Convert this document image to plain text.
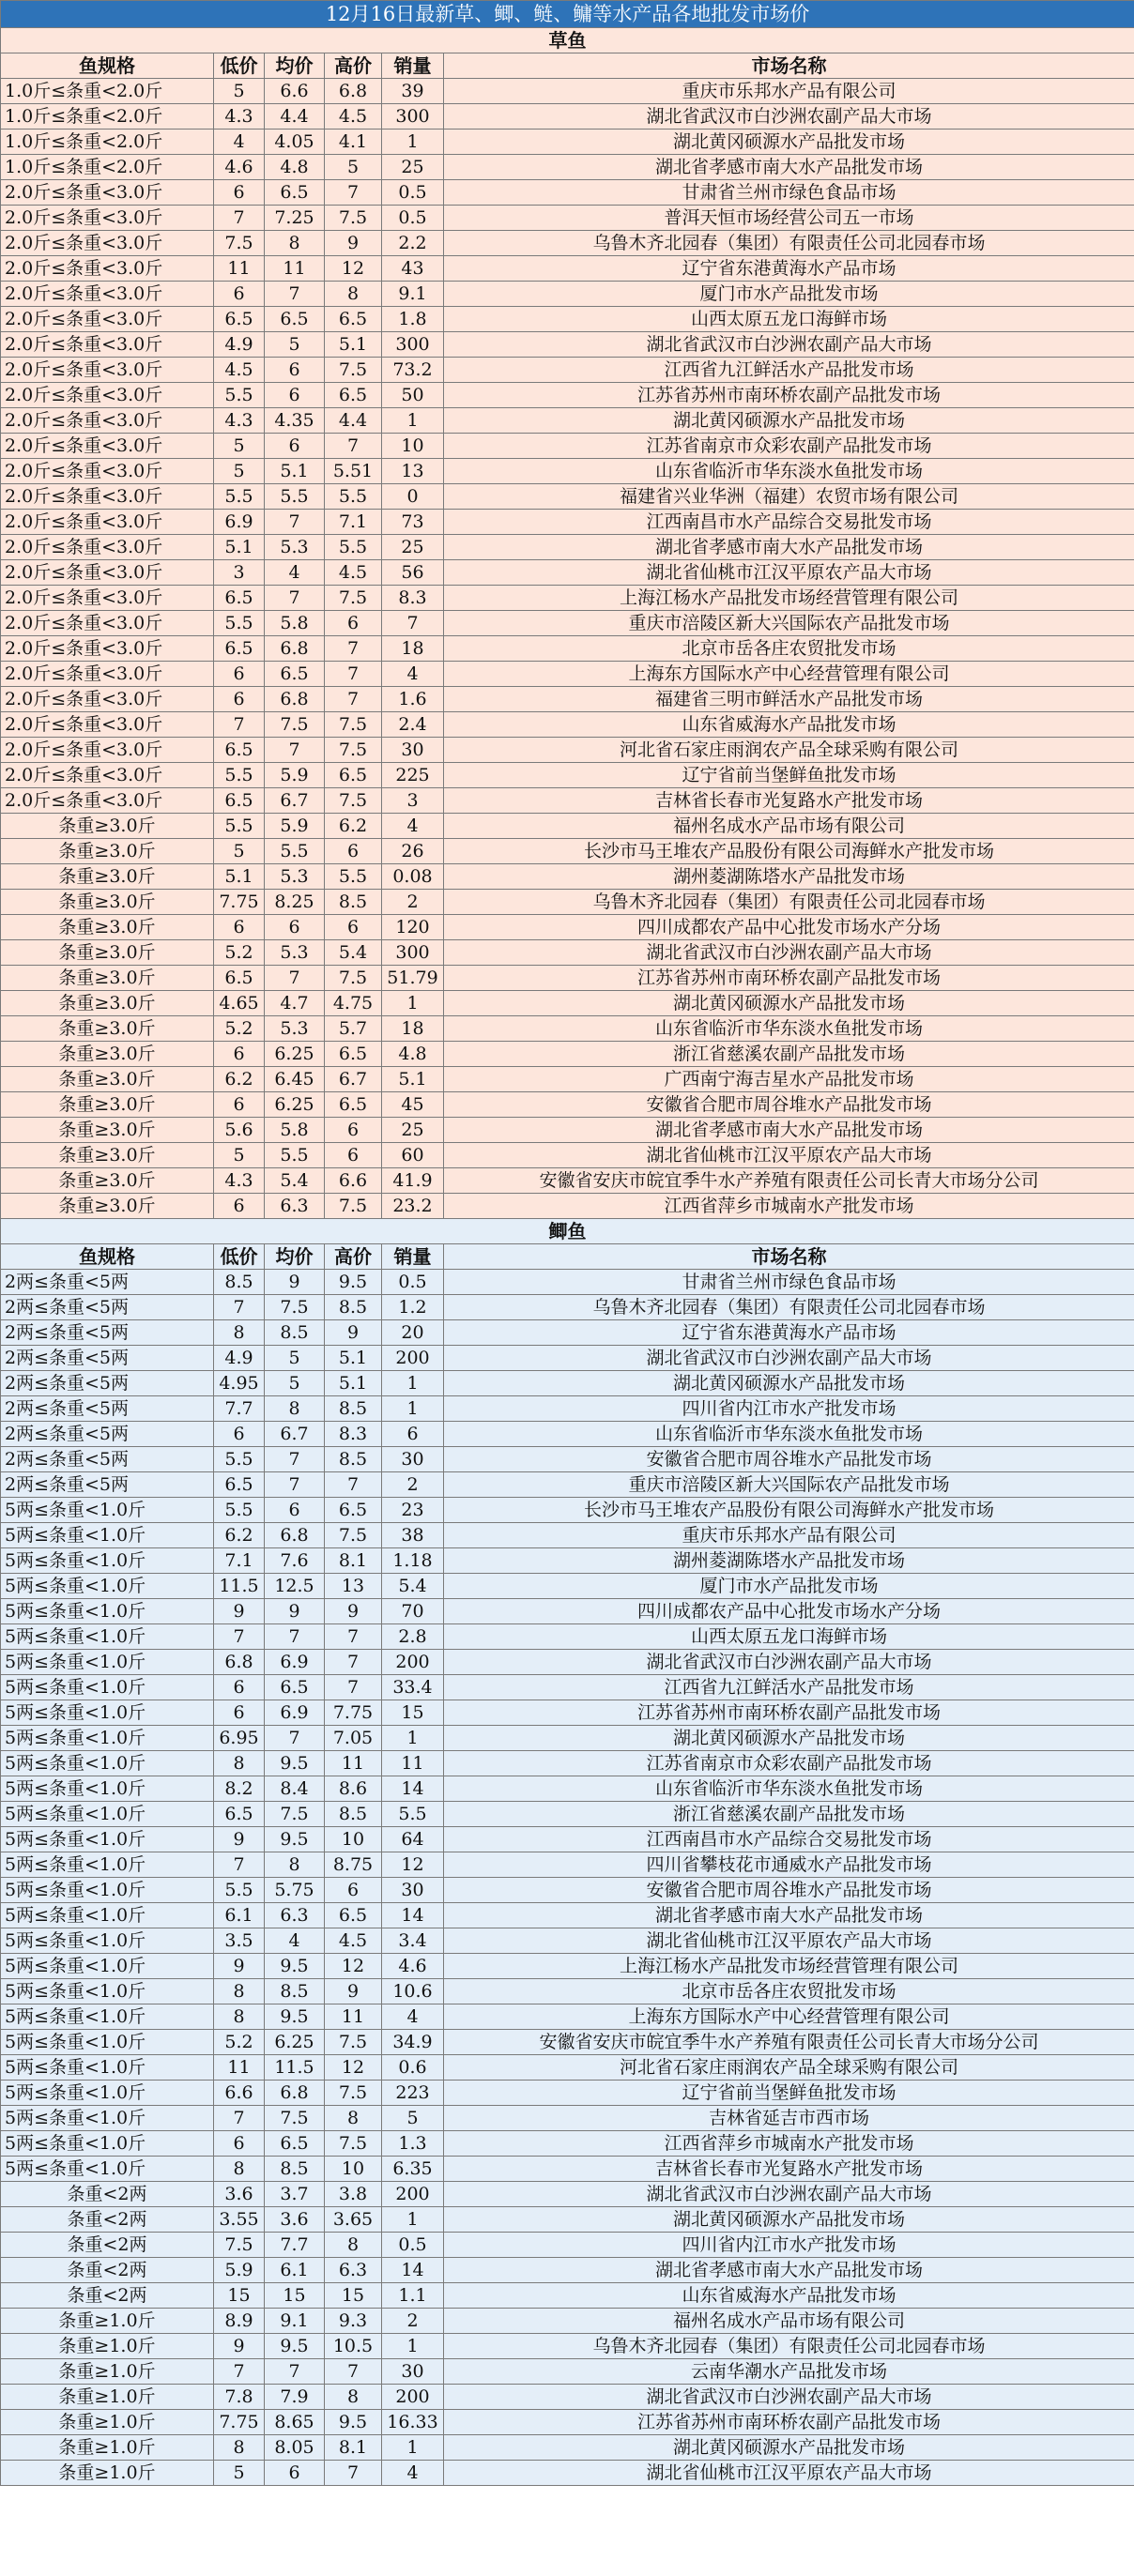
12月16日最新草、鲫、鲢、鳙等水产品各地批发市场价					
草鱼					
鱼规格	低价	均价	高价	销量	市场名称
1.0斤≤条重<2.0斤	5	6.6	6.8	39	重庆市乐邦水产品有限公司
1.0斤≤条重<2.0斤	4.3	4.4	4.5	300	湖北省武汉市白沙洲农副产品大市场
1.0斤≤条重<2.0斤	4	4.05	4.1	1	湖北黄冈硕源水产品批发市场
1.0斤≤条重<2.0斤	4.6	4.8	5	25	湖北省孝感市南大水产品批发市场
2.0斤≤条重<3.0斤	6	6.5	7	0.5	甘肃省兰州市绿色食品市场
2.0斤≤条重<3.0斤	7	7.25	7.5	0.5	普洱天恒市场经营公司五一市场
2.0斤≤条重<3.0斤	7.5	8	9	2.2	乌鲁木齐北园春（集团）有限责任公司北园春市场
2.0斤≤条重<3.0斤	11	11	12	43	辽宁省东港黄海水产品市场
2.0斤≤条重<3.0斤	6	7	8	9.1	厦门市水产品批发市场
2.0斤≤条重<3.0斤	6.5	6.5	6.5	1.8	山西太原五龙口海鲜市场
2.0斤≤条重<3.0斤	4.9	5	5.1	300	湖北省武汉市白沙洲农副产品大市场
2.0斤≤条重<3.0斤	4.5	6	7.5	73.2	江西省九江鲜活水产品批发市场
2.0斤≤条重<3.0斤	5.5	6	6.5	50	江苏省苏州市南环桥农副产品批发市场
2.0斤≤条重<3.0斤	4.3	4.35	4.4	1	湖北黄冈硕源水产品批发市场
2.0斤≤条重<3.0斤	5	6	7	10	江苏省南京市众彩农副产品批发市场
2.0斤≤条重<3.0斤	5	5.1	5.51	13	山东省临沂市华东淡水鱼批发市场
2.0斤≤条重<3.0斤	5.5	5.5	5.5	0	福建省兴业华洲（福建）农贸市场有限公司
2.0斤≤条重<3.0斤	6.9	7	7.1	73	江西南昌市水产品综合交易批发市场
2.0斤≤条重<3.0斤	5.1	5.3	5.5	25	湖北省孝感市南大水产品批发市场
2.0斤≤条重<3.0斤	3	4	4.5	56	湖北省仙桃市江汉平原农产品大市场
2.0斤≤条重<3.0斤	6.5	7	7.5	8.3	上海江杨水产品批发市场经营管理有限公司
2.0斤≤条重<3.0斤	5.5	5.8	6	7	重庆市涪陵区新大兴国际农产品批发市场
2.0斤≤条重<3.0斤	6.5	6.8	7	18	北京市岳各庄农贸批发市场
2.0斤≤条重<3.0斤	6	6.5	7	4	上海东方国际水产中心经营管理有限公司
2.0斤≤条重<3.0斤	6	6.8	7	1.6	福建省三明市鲜活水产品批发市场
2.0斤≤条重<3.0斤	7	7.5	7.5	2.4	山东省威海水产品批发市场
2.0斤≤条重<3.0斤	6.5	7	7.5	30	河北省石家庄雨润农产品全球采购有限公司
2.0斤≤条重<3.0斤	5.5	5.9	6.5	225	辽宁省前当堡鲜鱼批发市场
2.0斤≤条重<3.0斤	6.5	6.7	7.5	3	吉林省长春市光复路水产批发市场
条重≥3.0斤	5.5	5.9	6.2	4	福州名成水产品市场有限公司
条重≥3.0斤	5	5.5	6	26	长沙市马王堆农产品股份有限公司海鲜水产批发市场
条重≥3.0斤	5.1	5.3	5.5	0.08	湖州菱湖陈塔水产品批发市场
条重≥3.0斤	7.75	8.25	8.5	2	乌鲁木齐北园春（集团）有限责任公司北园春市场
条重≥3.0斤	6	6	6	120	四川成都农产品中心批发市场水产分场
条重≥3.0斤	5.2	5.3	5.4	300	湖北省武汉市白沙洲农副产品大市场
条重≥3.0斤	6.5	7	7.5	51.79	江苏省苏州市南环桥农副产品批发市场
条重≥3.0斤	4.65	4.7	4.75	1	湖北黄冈硕源水产品批发市场
条重≥3.0斤	5.2	5.3	5.7	18	山东省临沂市华东淡水鱼批发市场
条重≥3.0斤	6	6.25	6.5	4.8	浙江省慈溪农副产品批发市场
条重≥3.0斤	6.2	6.45	6.7	5.1	广西南宁海吉星水产品批发市场
条重≥3.0斤	6	6.25	6.5	45	安徽省合肥市周谷堆水产品批发市场
条重≥3.0斤	5.6	5.8	6	25	湖北省孝感市南大水产品批发市场
条重≥3.0斤	5	5.5	6	60	湖北省仙桃市江汉平原农产品大市场
条重≥3.0斤	4.3	5.4	6.6	41.9	安徽省安庆市皖宜季牛水产养殖有限责任公司长青大市场分公司
条重≥3.0斤	6	6.3	7.5	23.2	江西省萍乡市城南水产批发市场
鲫鱼					
鱼规格	低价	均价	高价	销量	市场名称
2两≤条重<5两	8.5	9	9.5	0.5	甘肃省兰州市绿色食品市场
2两≤条重<5两	7	7.5	8.5	1.2	乌鲁木齐北园春（集团）有限责任公司北园春市场
2两≤条重<5两	8	8.5	9	20	辽宁省东港黄海水产品市场
2两≤条重<5两	4.9	5	5.1	200	湖北省武汉市白沙洲农副产品大市场
2两≤条重<5两	4.95	5	5.1	1	湖北黄冈硕源水产品批发市场
2两≤条重<5两	7.7	8	8.5	1	四川省内江市水产批发市场
2两≤条重<5两	6	6.7	8.3	6	山东省临沂市华东淡水鱼批发市场
2两≤条重<5两	5.5	7	8.5	30	安徽省合肥市周谷堆水产品批发市场
2两≤条重<5两	6.5	7	7	2	重庆市涪陵区新大兴国际农产品批发市场
5两≤条重<1.0斤	5.5	6	6.5	23	长沙市马王堆农产品股份有限公司海鲜水产批发市场
5两≤条重<1.0斤	6.2	6.8	7.5	38	重庆市乐邦水产品有限公司
5两≤条重<1.0斤	7.1	7.6	8.1	1.18	湖州菱湖陈塔水产品批发市场
5两≤条重<1.0斤	11.5	12.5	13	5.4	厦门市水产品批发市场
5两≤条重<1.0斤	9	9	9	70	四川成都农产品中心批发市场水产分场
5两≤条重<1.0斤	7	7	7	2.8	山西太原五龙口海鲜市场
5两≤条重<1.0斤	6.8	6.9	7	200	湖北省武汉市白沙洲农副产品大市场
5两≤条重<1.0斤	6	6.5	7	33.4	江西省九江鲜活水产品批发市场
5两≤条重<1.0斤	6	6.9	7.75	15	江苏省苏州市南环桥农副产品批发市场
5两≤条重<1.0斤	6.95	7	7.05	1	湖北黄冈硕源水产品批发市场
5两≤条重<1.0斤	8	9.5	11	11	江苏省南京市众彩农副产品批发市场
5两≤条重<1.0斤	8.2	8.4	8.6	14	山东省临沂市华东淡水鱼批发市场
5两≤条重<1.0斤	6.5	7.5	8.5	5.5	浙江省慈溪农副产品批发市场
5两≤条重<1.0斤	9	9.5	10	64	江西南昌市水产品综合交易批发市场
5两≤条重<1.0斤	7	8	8.75	12	四川省攀枝花市通威水产品批发市场
5两≤条重<1.0斤	5.5	5.75	6	30	安徽省合肥市周谷堆水产品批发市场
5两≤条重<1.0斤	6.1	6.3	6.5	14	湖北省孝感市南大水产品批发市场
5两≤条重<1.0斤	3.5	4	4.5	3.4	湖北省仙桃市江汉平原农产品大市场
5两≤条重<1.0斤	9	9.5	12	4.6	上海江杨水产品批发市场经营管理有限公司
5两≤条重<1.0斤	8	8.5	9	10.6	北京市岳各庄农贸批发市场
5两≤条重<1.0斤	8	9.5	11	4	上海东方国际水产中心经营管理有限公司
5两≤条重<1.0斤	5.2	6.25	7.5	34.9	安徽省安庆市皖宜季牛水产养殖有限责任公司长青大市场分公司
5两≤条重<1.0斤	11	11.5	12	0.6	河北省石家庄雨润农产品全球采购有限公司
5两≤条重<1.0斤	6.6	6.8	7.5	223	辽宁省前当堡鲜鱼批发市场
5两≤条重<1.0斤	7	7.5	8	5	吉林省延吉市西市场
5两≤条重<1.0斤	6	6.5	7.5	1.3	江西省萍乡市城南水产批发市场
5两≤条重<1.0斤	8	8.5	10	6.35	吉林省长春市光复路水产批发市场
条重<2两	3.6	3.7	3.8	200	湖北省武汉市白沙洲农副产品大市场
条重<2两	3.55	3.6	3.65	1	湖北黄冈硕源水产品批发市场
条重<2两	7.5	7.7	8	0.5	四川省内江市水产批发市场
条重<2两	5.9	6.1	6.3	14	湖北省孝感市南大水产品批发市场
条重<2两	15	15	15	1.1	山东省威海水产品批发市场
条重≥1.0斤	8.9	9.1	9.3	2	福州名成水产品市场有限公司
条重≥1.0斤	9	9.5	10.5	1	乌鲁木齐北园春（集团）有限责任公司北园春市场
条重≥1.0斤	7	7	7	30	云南华潮水产品批发市场
条重≥1.0斤	7.8	7.9	8	200	湖北省武汉市白沙洲农副产品大市场
条重≥1.0斤	7.75	8.65	9.5	16.33	江苏省苏州市南环桥农副产品批发市场
条重≥1.0斤	8	8.05	8.1	1	湖北黄冈硕源水产品批发市场
条重≥1.0斤	5	6	7	4	湖北省仙桃市江汉平原农产品大市场
